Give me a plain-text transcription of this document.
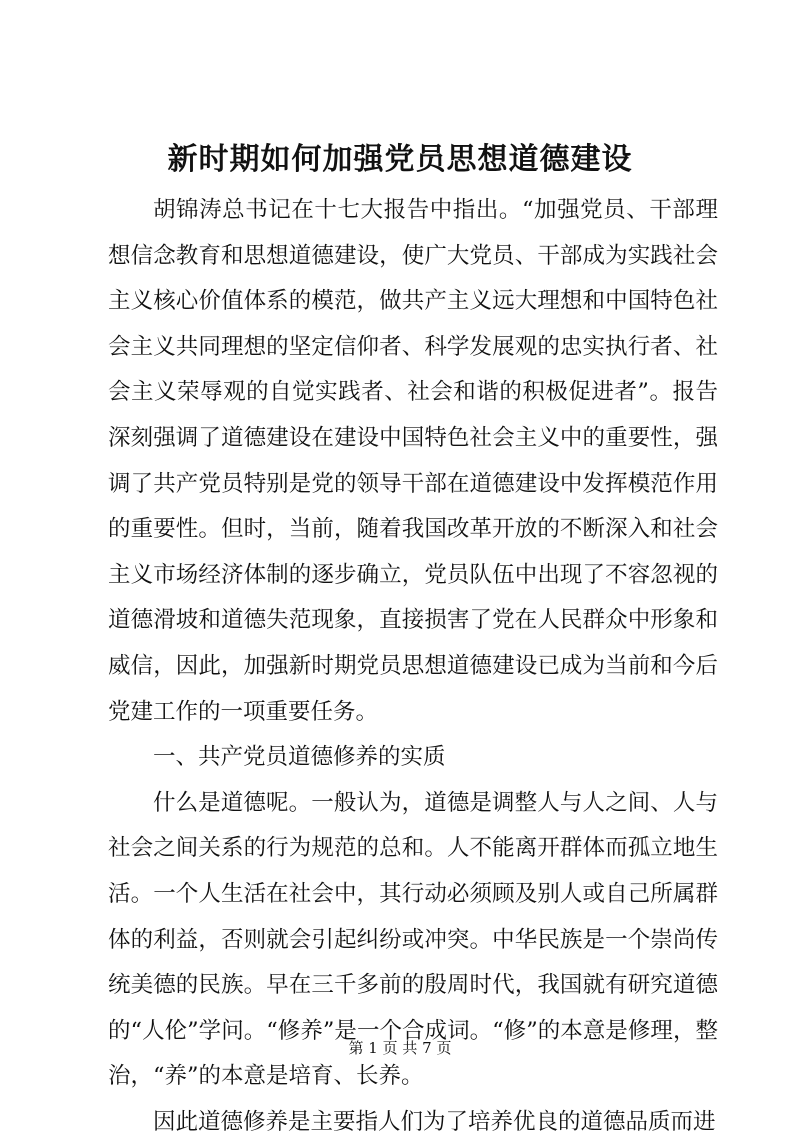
新时期如何加强党员思想道德建设

胡锦涛总书记在十七大报告中指出。“加强党员、干部理想信念教育和思想道德建设，使广大党员、干部成为实践社会主义核心价值体系的模范，做共产主义远大理想和中国特色社会主义共同理想的坚定信仰者、科学发展观的忠实执行者、社会主义荣辱观的自觉实践者、社会和谐的积极促进者”。报告深刻强调了道德建设在建设中国特色社会主义中的重要性，强调了共产党员特别是党的领导干部在道德建设中发挥模范作用的重要性。但时，当前，随着我国改革开放的不断深入和社会主义市场经济体制的逐步确立，党员队伍中出现了不容忽视的道德滑坡和道德失范现象，直接损害了党在人民群众中形象和威信，因此，加强新时期党员思想道德建设已成为当前和今后党建工作的一项重要任务。

一、共产党员道德修养的实质

什么是道德呢。一般认为，道德是调整人与人之间、人与社会之间关系的行为规范的总和。人不能离开群体而孤立地生活。一个人生活在社会中，其行动必须顾及别人或自己所属群体的利益，否则就会引起纠纷或冲突。中华民族是一个崇尚传统美德的民族。早在三千多前的殷周时代，我国就有研究道德的“人伦”学问。“修养”是一个合成词。“修”的本意是修理，整治，“养”的本意是培育、长养。

因此道德修养是主要指人们为了培养优良的道德品质而进

第 1 页 共 7 页
